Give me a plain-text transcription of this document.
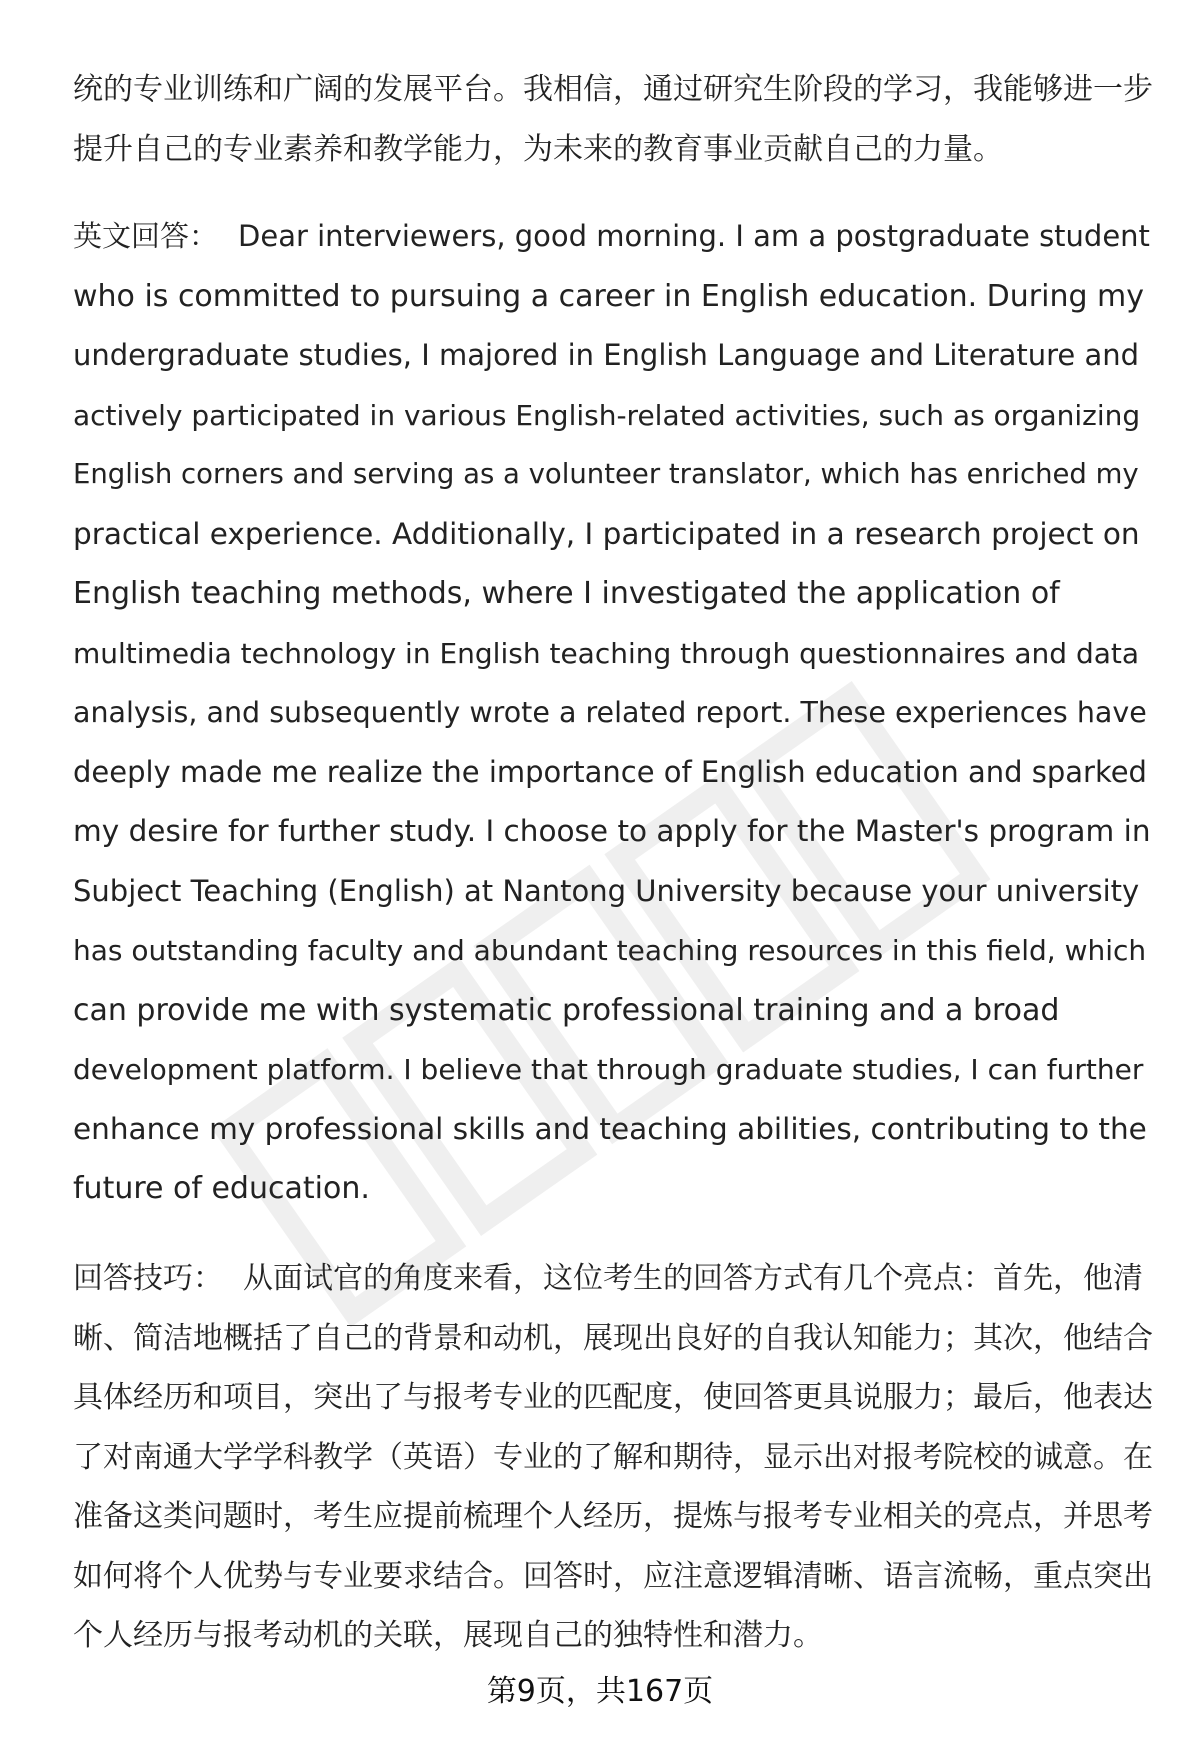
统的专业训练和广阔的发展平台。我相信，通过研究生阶段的学习，我能够进一步
提升自己的专业素养和教学能力，为未来的教育事业贡献自己的力量。

英文回答： Dear interviewers, good morning. I am a postgraduate student
who is committed to pursuing a career in English education. During my
undergraduate studies, I majored in English Language and Literature and
actively participated in various English-related activities, such as organizing
English corners and serving as a volunteer translator, which has enriched my
practical experience. Additionally, I participated in a research project on
English teaching methods, where I investigated the application of
multimedia technology in English teaching through questionnaires and data
analysis, and subsequently wrote a related report. These experiences have
deeply made me realize the importance of English education and sparked
my desire for further study. I choose to apply for the Master's program in
Subject Teaching (English) at Nantong University because your university
has outstanding faculty and abundant teaching resources in this field, which
can provide me with systematic professional training and a broad
development platform. I believe that through graduate studies, I can further
enhance my professional skills and teaching abilities, contributing to the
future of education.

回答技巧： 从面试官的角度来看，这位考生的回答方式有几个亮点：首先，他清
晰、简洁地概括了自己的背景和动机，展现出良好的自我认知能力；其次，他结合
具体经历和项目，突出了与报考专业的匹配度，使回答更具说服力；最后，他表达
了对南通大学学科教学（英语）专业的了解和期待，显示出对报考院校的诚意。在
准备这类问题时，考生应提前梳理个人经历，提炼与报考专业相关的亮点，并思考
如何将个人优势与专业要求结合。回答时，应注意逻辑清晰、语言流畅，重点突出
个人经历与报考动机的关联，展现自己的独特性和潜力。

第9页，共167页
